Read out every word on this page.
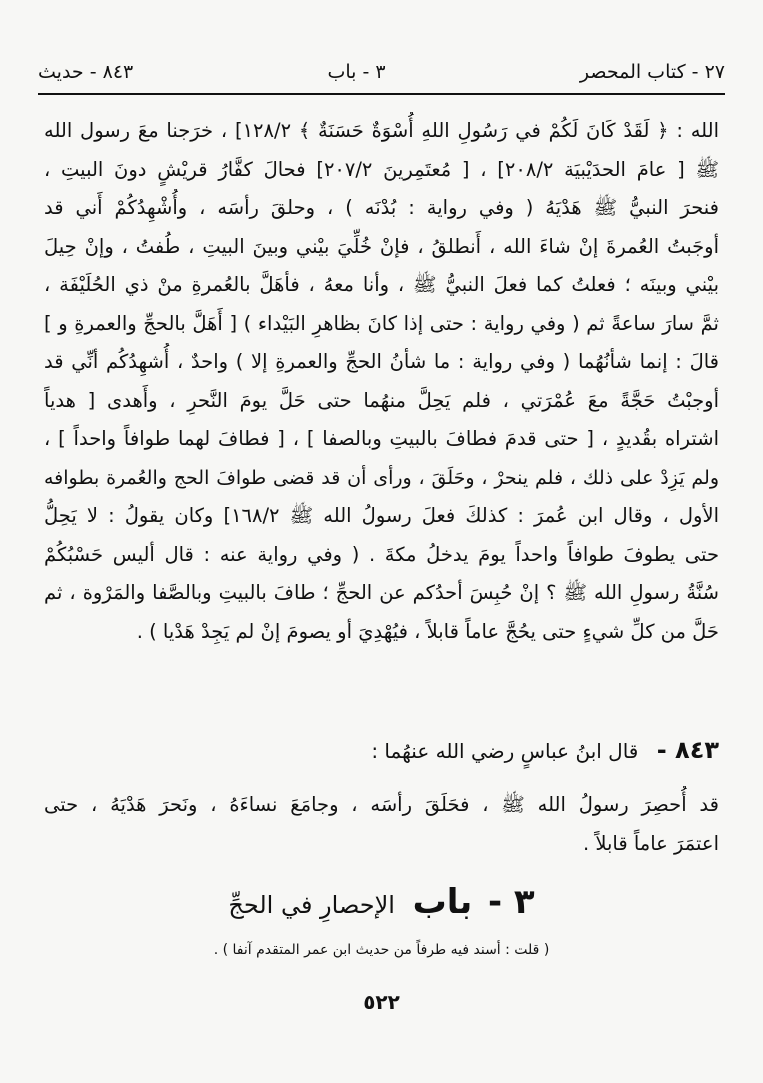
٢٧ - كتاب المحصر
٣ - باب
٨٤٣ - حديث
الله : ﴿ لَقَدْ كَانَ لَكُمْ في رَسُولِ اللهِ أُسْوَةٌ حَسَنَةٌ ﴾ ١٢٨/٢] ، خرَجنا معَ رسول الله
ﷺ [ عامَ الحدَيْبيَة ٢٠٨/٢] ، [ مُعتَمِرينَ ٢٠٧/٢] فحالَ كفَّارُ قريْشٍ دونَ البيتِ ،
فنحرَ النبيُّ ﷺ هَدْيَهُ ( وفي رواية : بُدْنَه ) ، وحلقَ رأسَه ، وأُشْهِدُكُمْ أَني قد
أوجَبتُ العُمرةَ إنْ شاءَ الله ، أَنطلقُ ، فإنْ خُلِّيَ بيْني وبينَ البيتِ ، طُفتُ ، وإنْ حِيلَ
بيْني وبينَه ؛ فعلتُ كما فعلَ النبيُّ ﷺ ، وأنا معهُ ، فأهَلَّ بالعُمرةِ منْ ذي الحُلَيْفَة ،
ثمَّ سارَ ساعةً ثم ( وفي رواية : حتى إذا كانَ بظاهرِ البَيْداء ) [ أَهَلَّ بالحجِّ والعمرةِ و ]
قالَ : إنما شأنُهُما ( وفي رواية : ما شأنُ الحجِّ والعمرةِ إلا ) واحدٌ ، أُشهِدُكُم أنِّي قد
أوجبْتُ حَجَّةً معَ عُمْرَتي ، فلم يَحِلَّ منهُما حتى حَلَّ يومَ النَّحرِ ، وأَهدى [ هدياً
اشتراه بقُديدٍ ، [ حتى قدمَ فطافَ بالبيتِ وبالصفا ] ، [ فطافَ لهما طوافاً واحداً ] ،
ولم يَزِدْ على ذلك ، فلم ينحرْ ، وحَلَقَ ، ورأى أن قد قضى طوافَ الحج والعُمرة بطوافه
الأول ، وقال ابن عُمرَ : كذلكَ فعلَ رسولُ الله ﷺ ١٦٨/٢] وكان يقولُ : لا يَحِلُّ
حتى يطوفَ طوافاً واحداً يومَ يدخلُ مكةَ . ( وفي رواية عنه : قال أليس حَسْبُكُمْ
سُنَّةُ رسولِ الله ﷺ ؟ إنْ حُبِسَ أحدُكم عن الحجِّ ؛ طافَ بالبيتِ وبالصَّفا والمَرْوة ، ثم
حَلَّ من كلِّ شيءٍ حتى يحُجَّ عاماً قابلاً ، فيُهْدِيَ أو يصومَ إنْ لم يَجِدْ هَدْيا ) .
٨٤٣ - قال ابنُ عباسٍ رضي الله عنهُما :
قد أُحصِرَ رسولُ الله ﷺ ، فحَلَقَ رأسَه ، وجامَعَ نساءَهُ ، ونَحرَ هَدْيَهُ ، حتى
اعتمَرَ عاماً قابلاً .
٣ - باب الإحصارِ في الحجِّ
( قلت : أسند فيه طرفاً من حديث ابن عمر المتقدم آنفا ) .
٥٢٢
